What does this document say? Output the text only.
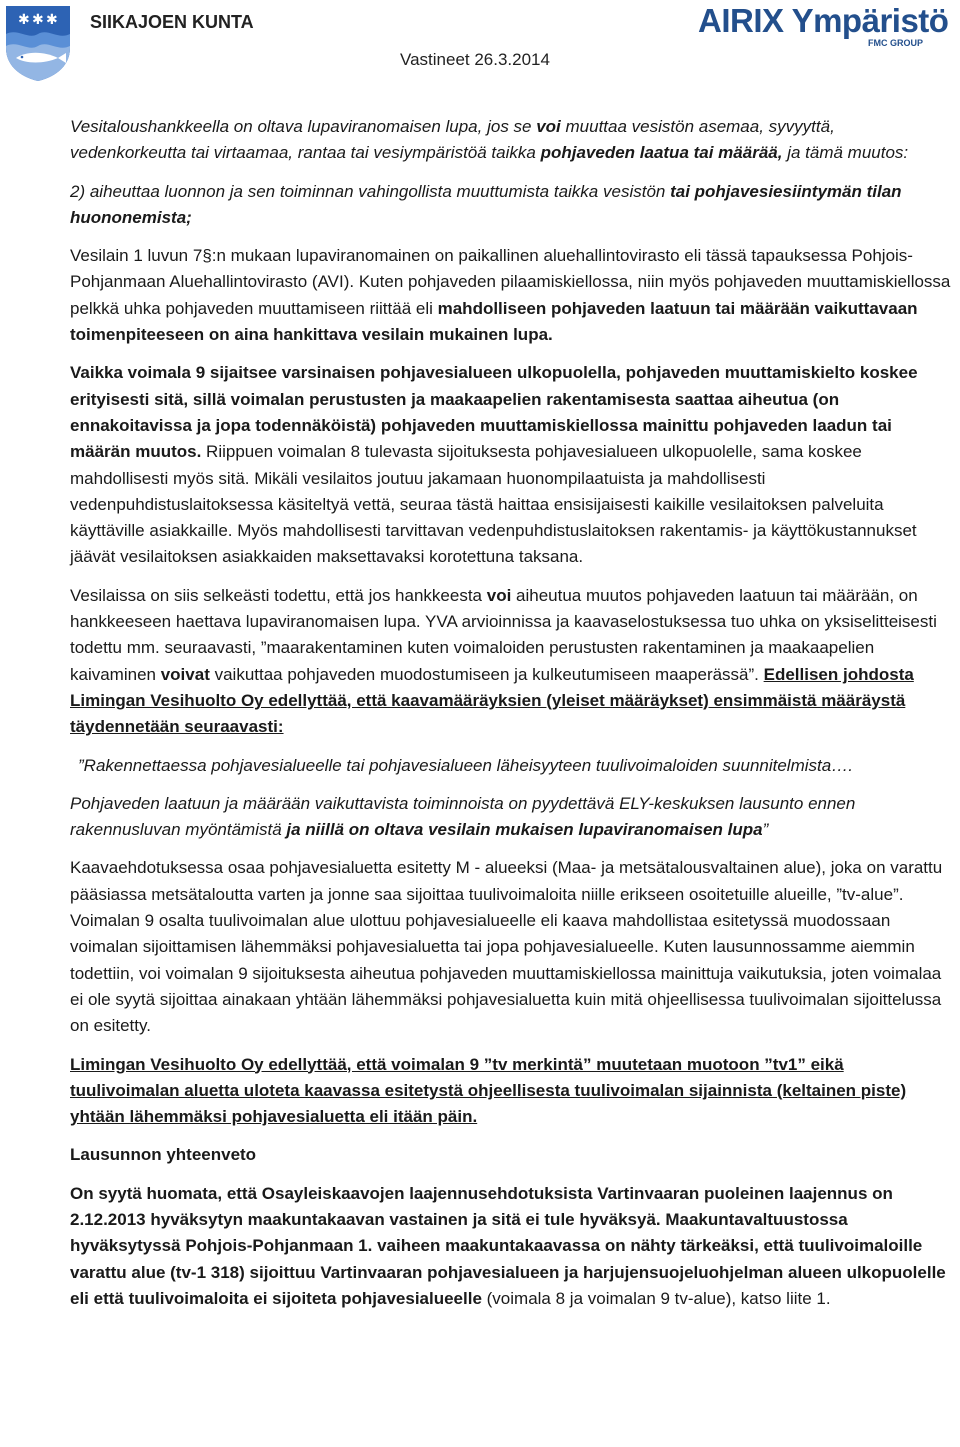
✱ ✱ ✱ SIIKAJOEN KUNTA	AIRIX Ympäristö
FMC GROUP
Vastineet 26.3.2014

Vesitaloushankkeella on oltava lupaviranomaisen lupa, jos se voi muuttaa vesistön asemaa, syvyyttä, vedenkorkeutta tai virtaamaa, rantaa tai vesiympäristöä taikka pohjaveden laatua tai määrää, ja tämä muutos:

2) aiheuttaa luonnon ja sen toiminnan vahingollista muuttumista taikka vesistön tai pohjavesiesiintymän tilan huononemista;

Vesilain 1 luvun 7§:n mukaan lupaviranomainen on paikallinen aluehallintovirasto eli tässä tapauksessa Pohjois-Pohjanmaan Aluehallintovirasto (AVI). Kuten pohjaveden pilaamiskiellossa, niin myös pohjaveden muuttamiskiellossa pelkkä uhka pohjaveden muuttamiseen riittää eli mahdolliseen pohjaveden laatuun tai määrään vaikuttavaan toimenpiteeseen on aina hankittava vesilain mukainen lupa.

Vaikka voimala 9 sijaitsee varsinaisen pohjavesialueen ulkopuolella, pohjaveden muuttamiskielto koskee erityisesti sitä, sillä voimalan perustusten ja maakaapelien rakentamisesta saattaa aiheutua (on ennakoitavissa ja jopa todennäköistä) pohjaveden muuttamiskiellossa mainittu pohjaveden laadun tai määrän muutos. Riippuen voimalan 8 tulevasta sijoituksesta pohjavesialueen ulkopuolelle, sama koskee mahdollisesti myös sitä. Mikäli vesilaitos joutuu jakamaan huonompilaatuista ja mahdollisesti vedenpuhdistuslaitoksessa käsiteltyä vettä, seuraa tästä haittaa ensisijaisesti kaikille vesilaitoksen palveluita käyttäville asiakkaille. Myös mahdollisesti tarvittavan vedenpuhdistuslaitoksen rakentamis- ja käyttökustannukset jäävät vesilaitoksen asiakkaiden maksettavaksi korotettuna taksana.

Vesilaissa on siis selkeästi todettu, että jos hankkeesta voi aiheutua muutos pohjaveden laatuun tai määrään, on hankkeeseen haettava lupaviranomaisen lupa. YVA arvioinnissa ja kaavaselostuksessa tuo uhka on yksiselitteisesti todettu mm. seuraavasti, ”maarakentaminen kuten voimaloiden perustusten rakentaminen ja maakaapelien kaivaminen voivat vaikuttaa pohjaveden muodostumiseen ja kulkeutumiseen maaperässä”. Edellisen johdosta Limingan Vesihuolto Oy edellyttää, että kaavamääräyksien (yleiset määräykset) ensimmäistä määräystä täydennetään seuraavasti:

”Rakennettaessa pohjavesialueelle tai pohjavesialueen läheisyyteen tuulivoimaloiden suunnitelmista….

Pohjaveden laatuun ja määrään vaikuttavista toiminnoista on pyydettävä ELY-keskuksen lausunto ennen rakennusluvan myöntämistä ja niillä on oltava vesilain mukaisen lupaviranomaisen lupa”

Kaavaehdotuksessa osaa pohjavesialuetta esitetty M - alueeksi (Maa- ja metsätalousvaltainen alue), joka on varattu pääsiassa metsätaloutta varten ja jonne saa sijoittaa tuulivoimaloita niille erikseen osoitetuille alueille, ”tv-alue”. Voimalan 9 osalta tuulivoimalan alue ulottuu pohjavesialueelle eli kaava mahdollistaa esitetyssä muodossaan voimalan sijoittamisen lähemmäksi pohjavesialuetta tai jopa pohjavesialueelle. Kuten lausunnossamme aiemmin todettiin, voi voimalan 9 sijoituksesta aiheutua pohjaveden muuttamiskiellossa mainittuja vaikutuksia, joten voimalaa ei ole syytä sijoittaa ainakaan yhtään lähemmäksi pohjavesialuetta kuin mitä ohjeellisessa tuulivoimalan sijoittelussa on esitetty.

Limingan Vesihuolto Oy edellyttää, että voimalan 9 ”tv merkintä” muutetaan muotoon ”tv1” eikä tuulivoimalan aluetta uloteta kaavassa esitetystä ohjeellisesta tuulivoimalan sijainnista (keltainen piste) yhtään lähemmäksi pohjavesialuetta eli itään päin.

Lausunnon yhteenveto

On syytä huomata, että Osayleiskaavojen laajennusehdotuksista Vartinvaaran puoleinen laajennus on 2.12.2013 hyväksytyn maakuntakaavan vastainen ja sitä ei tule hyväksyä. Maakuntavaltuustossa hyväksytyssä Pohjois-Pohjanmaan 1. vaiheen maakuntakaavassa on nähty tärkeäksi, että tuulivoimaloille varattu alue (tv-1 318) sijoittuu Vartinvaaran pohjavesialueen ja harjujensuojeluohjelman alueen ulkopuolelle eli että tuulivoimaloita ei sijoiteta pohjavesialueelle (voimala 8 ja voimalan 9 tv-alue), katso liite 1.
